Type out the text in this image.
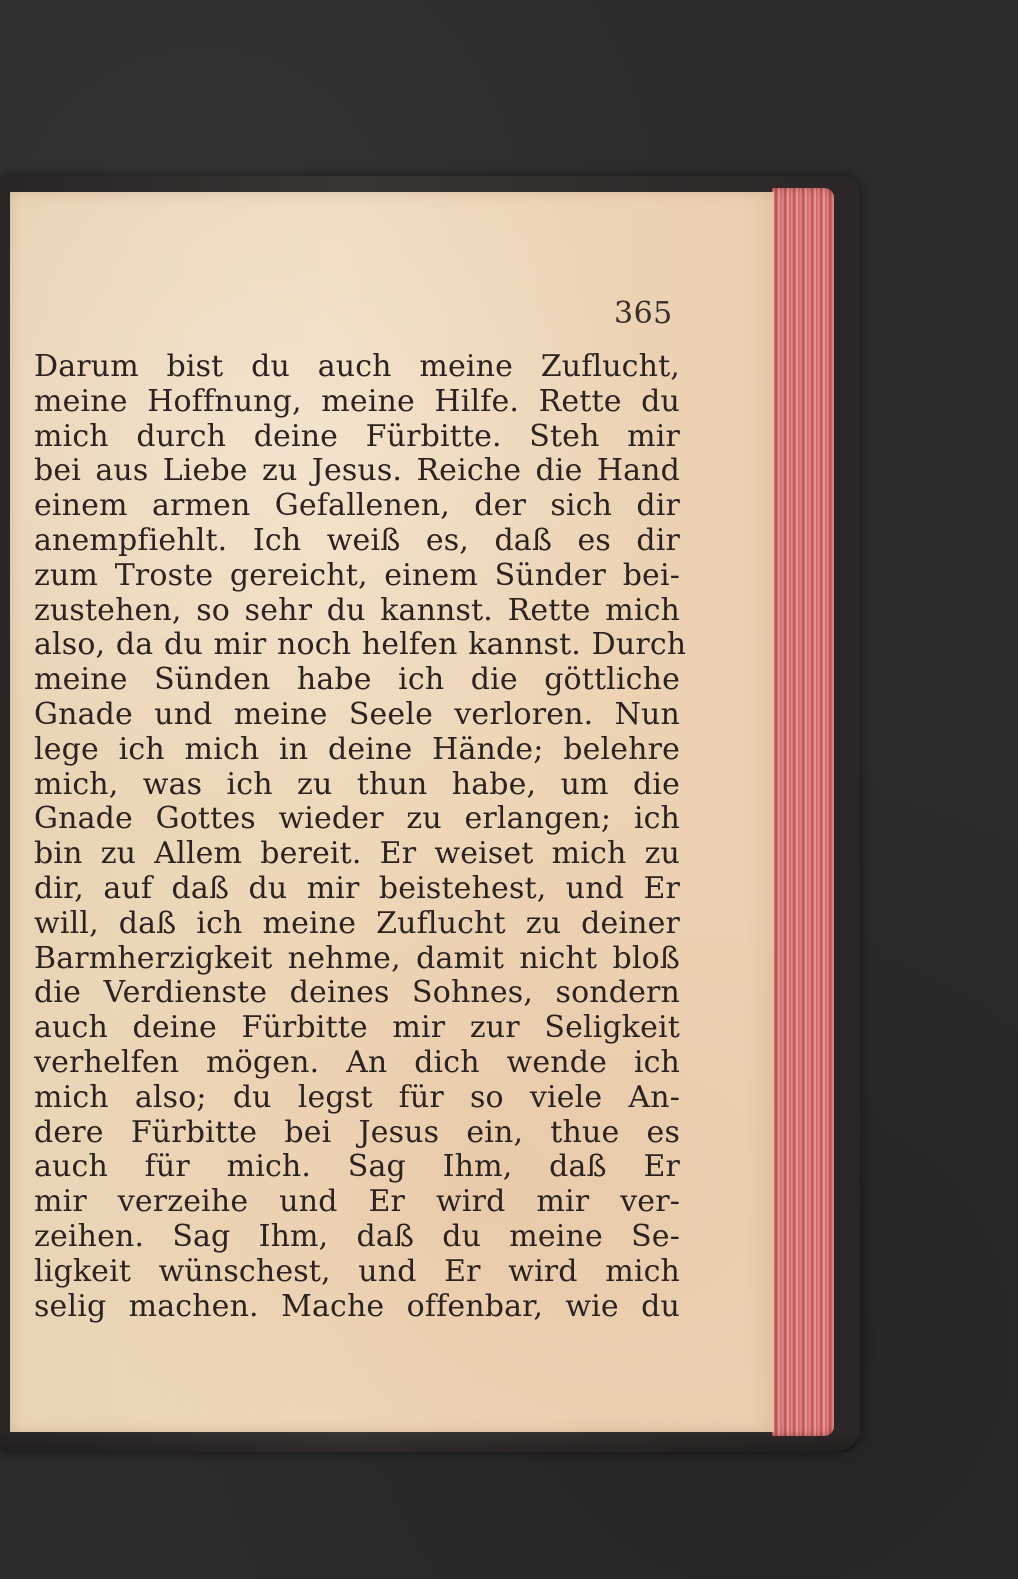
365
Darum bist du auch meine Zuflucht,
meine Hoffnung, meine Hilfe. Rette du
mich durch deine Fürbitte. Steh mir
bei aus Liebe zu Jesus. Reiche die Hand
einem armen Gefallenen, der sich dir
anempfiehlt. Ich weiß es, daß es dir
zum Troste gereicht, einem Sünder bei-
zustehen, so sehr du kannst. Rette mich
also, da du mir noch helfen kannst. Durch
meine Sünden habe ich die göttliche
Gnade und meine Seele verloren. Nun
lege ich mich in deine Hände; belehre
mich, was ich zu thun habe, um die
Gnade Gottes wieder zu erlangen; ich
bin zu Allem bereit. Er weiset mich zu
dir, auf daß du mir beistehest, und Er
will, daß ich meine Zuflucht zu deiner
Barmherzigkeit nehme, damit nicht bloß
die Verdienste deines Sohnes, sondern
auch deine Fürbitte mir zur Seligkeit
verhelfen mögen. An dich wende ich
mich also; du legst für so viele An-
dere Fürbitte bei Jesus ein, thue es
auch für mich. Sag Ihm, daß Er
mir verzeihe und Er wird mir ver-
zeihen. Sag Ihm, daß du meine Se-
ligkeit wünschest, und Er wird mich
selig machen. Mache offenbar, wie du
